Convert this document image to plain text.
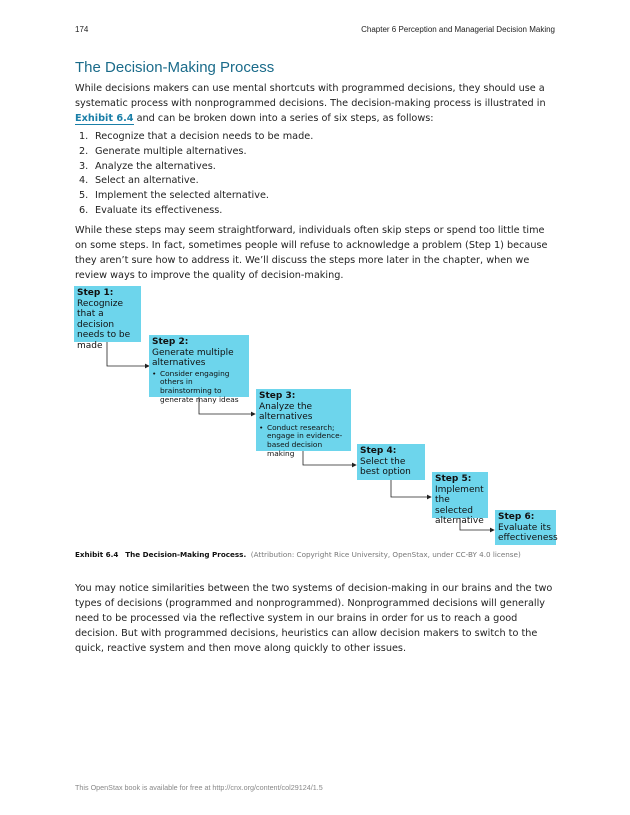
174	Chapter 6 Perception and Managerial Decision Making
The Decision-Making Process

While decisions makers can use mental shortcuts with programmed decisions, they should use a systematic process with nonprogrammed decisions. The decision-making process is illustrated in Exhibit 6.4 and can be broken down into a series of six steps, as follows:

1. Recognize that a decision needs to be made.
2. Generate multiple alternatives.
3. Analyze the alternatives.
4. Select an alternative.
5. Implement the selected alternative.
6. Evaluate its effectiveness.

While these steps may seem straightforward, individuals often skip steps or spend too little time on some steps. In fact, sometimes people will refuse to acknowledge a problem (Step 1) because they aren’t sure how to address it. We’ll discuss the steps more later in the chapter, when we review ways to improve the quality of decision-making.

Step 1:
Recognize that a decision needs to be made	Step 2:
Generate multiple alternatives
• Consider engaging others in brainstorming to generate many ideas	Step 3:
Analyze the alternatives
• Conduct research; engage in evidence-based decision making	Step 4:
Select the best option
Step 5:
Implement the selected alternative	Step 6:
Evaluate its effectiveness
Exhibit 6.4 The Decision-Making Process. (Attribution: Copyright Rice University, OpenStax, under CC-BY 4.0 license)

You may notice similarities between the two systems of decision-making in our brains and the two types of decisions (programmed and nonprogrammed). Nonprogrammed decisions will generally need to be processed via the reflective system in our brains in order for us to reach a good decision. But with programmed decisions, heuristics can allow decision makers to switch to the quick, reactive system and then move along quickly to other issues.

This OpenStax book is available for free at http://cnx.org/content/col29124/1.5
